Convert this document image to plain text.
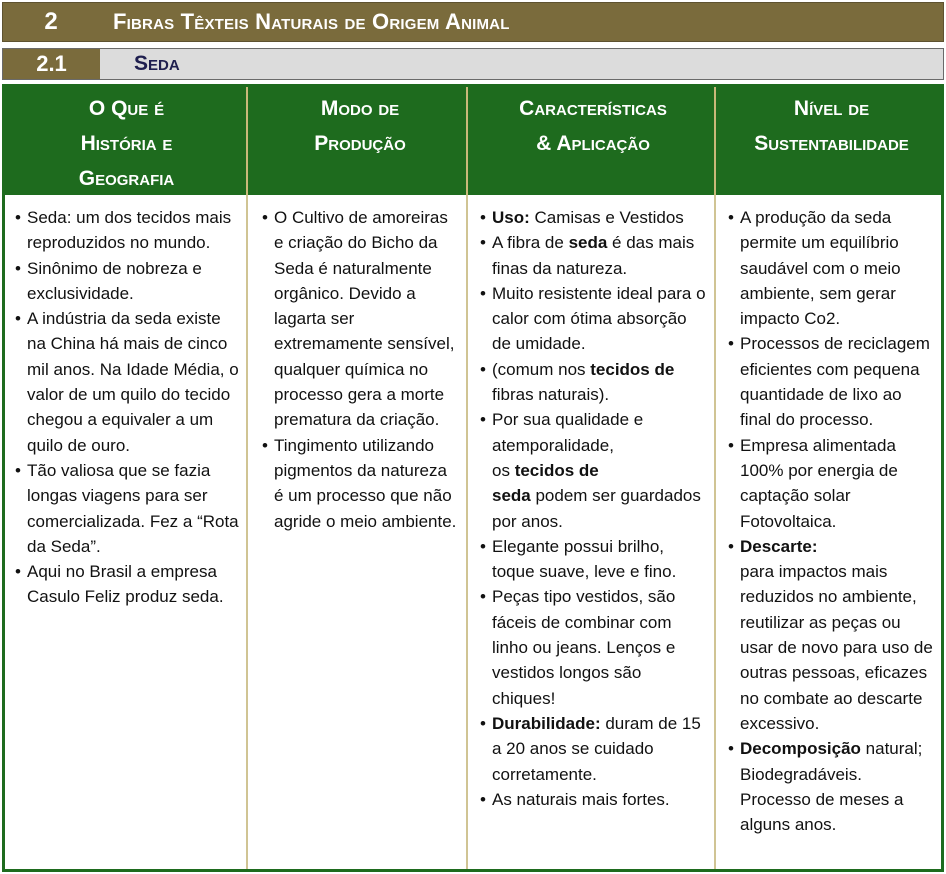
2	Fibras Têxteis Naturais de Origem Animal
2.1	Seda
O Que é
História e
Geografia
Modo de
Produção
Características
& Aplicação
Nível de
Sustentabilidade
• Seda: um dos tecidos mais reproduzidos no mundo.
• Sinônimo de nobreza e exclusividade.
• A indústria da seda existe na China há mais de cinco mil anos. Na Idade Média, o valor de um quilo do tecido chegou a equivaler a um quilo de ouro.
• Tão valiosa que se fazia longas viagens para ser comercializada. Fez a “Rota da Seda”.
• Aqui no Brasil a empresa Casulo Feliz produz seda.
• O Cultivo de amoreiras e criação do Bicho da Seda é naturalmente orgânico. Devido a lagarta ser extremamente sensível, qualquer química no processo gera a morte prematura da criação.
• Tingimento utilizando pigmentos da natureza é um processo que não agride o meio ambiente.
• Uso: Camisas e Vestidos
• A fibra de seda é das mais finas da natureza.
• Muito resistente ideal para o calor com ótima absorção de umidade.
• (comum nos tecidos de fibras naturais).
• Por sua qualidade e atemporalidade,
os tecidos de
seda podem ser guardados por anos.
• Elegante possui brilho, toque suave, leve e fino.
• Peças tipo vestidos, são fáceis de combinar com linho ou jeans. Lenços e vestidos longos são chiques!
• Durabilidade: duram de 15 a 20 anos se cuidado corretamente.
• As naturais mais fortes.
• A produção da seda permite um equilíbrio saudável com o meio ambiente, sem gerar impacto Co2.
• Processos de reciclagem eficientes com pequena quantidade de lixo ao final do processo.
• Empresa alimentada 100% por energia de captação solar Fotovoltaica.
• Descarte:
para impactos mais reduzidos no ambiente, reutilizar as peças ou usar de novo para uso de outras pessoas, eficazes no combate ao descarte excessivo.
• Decomposição natural; Biodegradáveis. Processo de meses a alguns anos.
